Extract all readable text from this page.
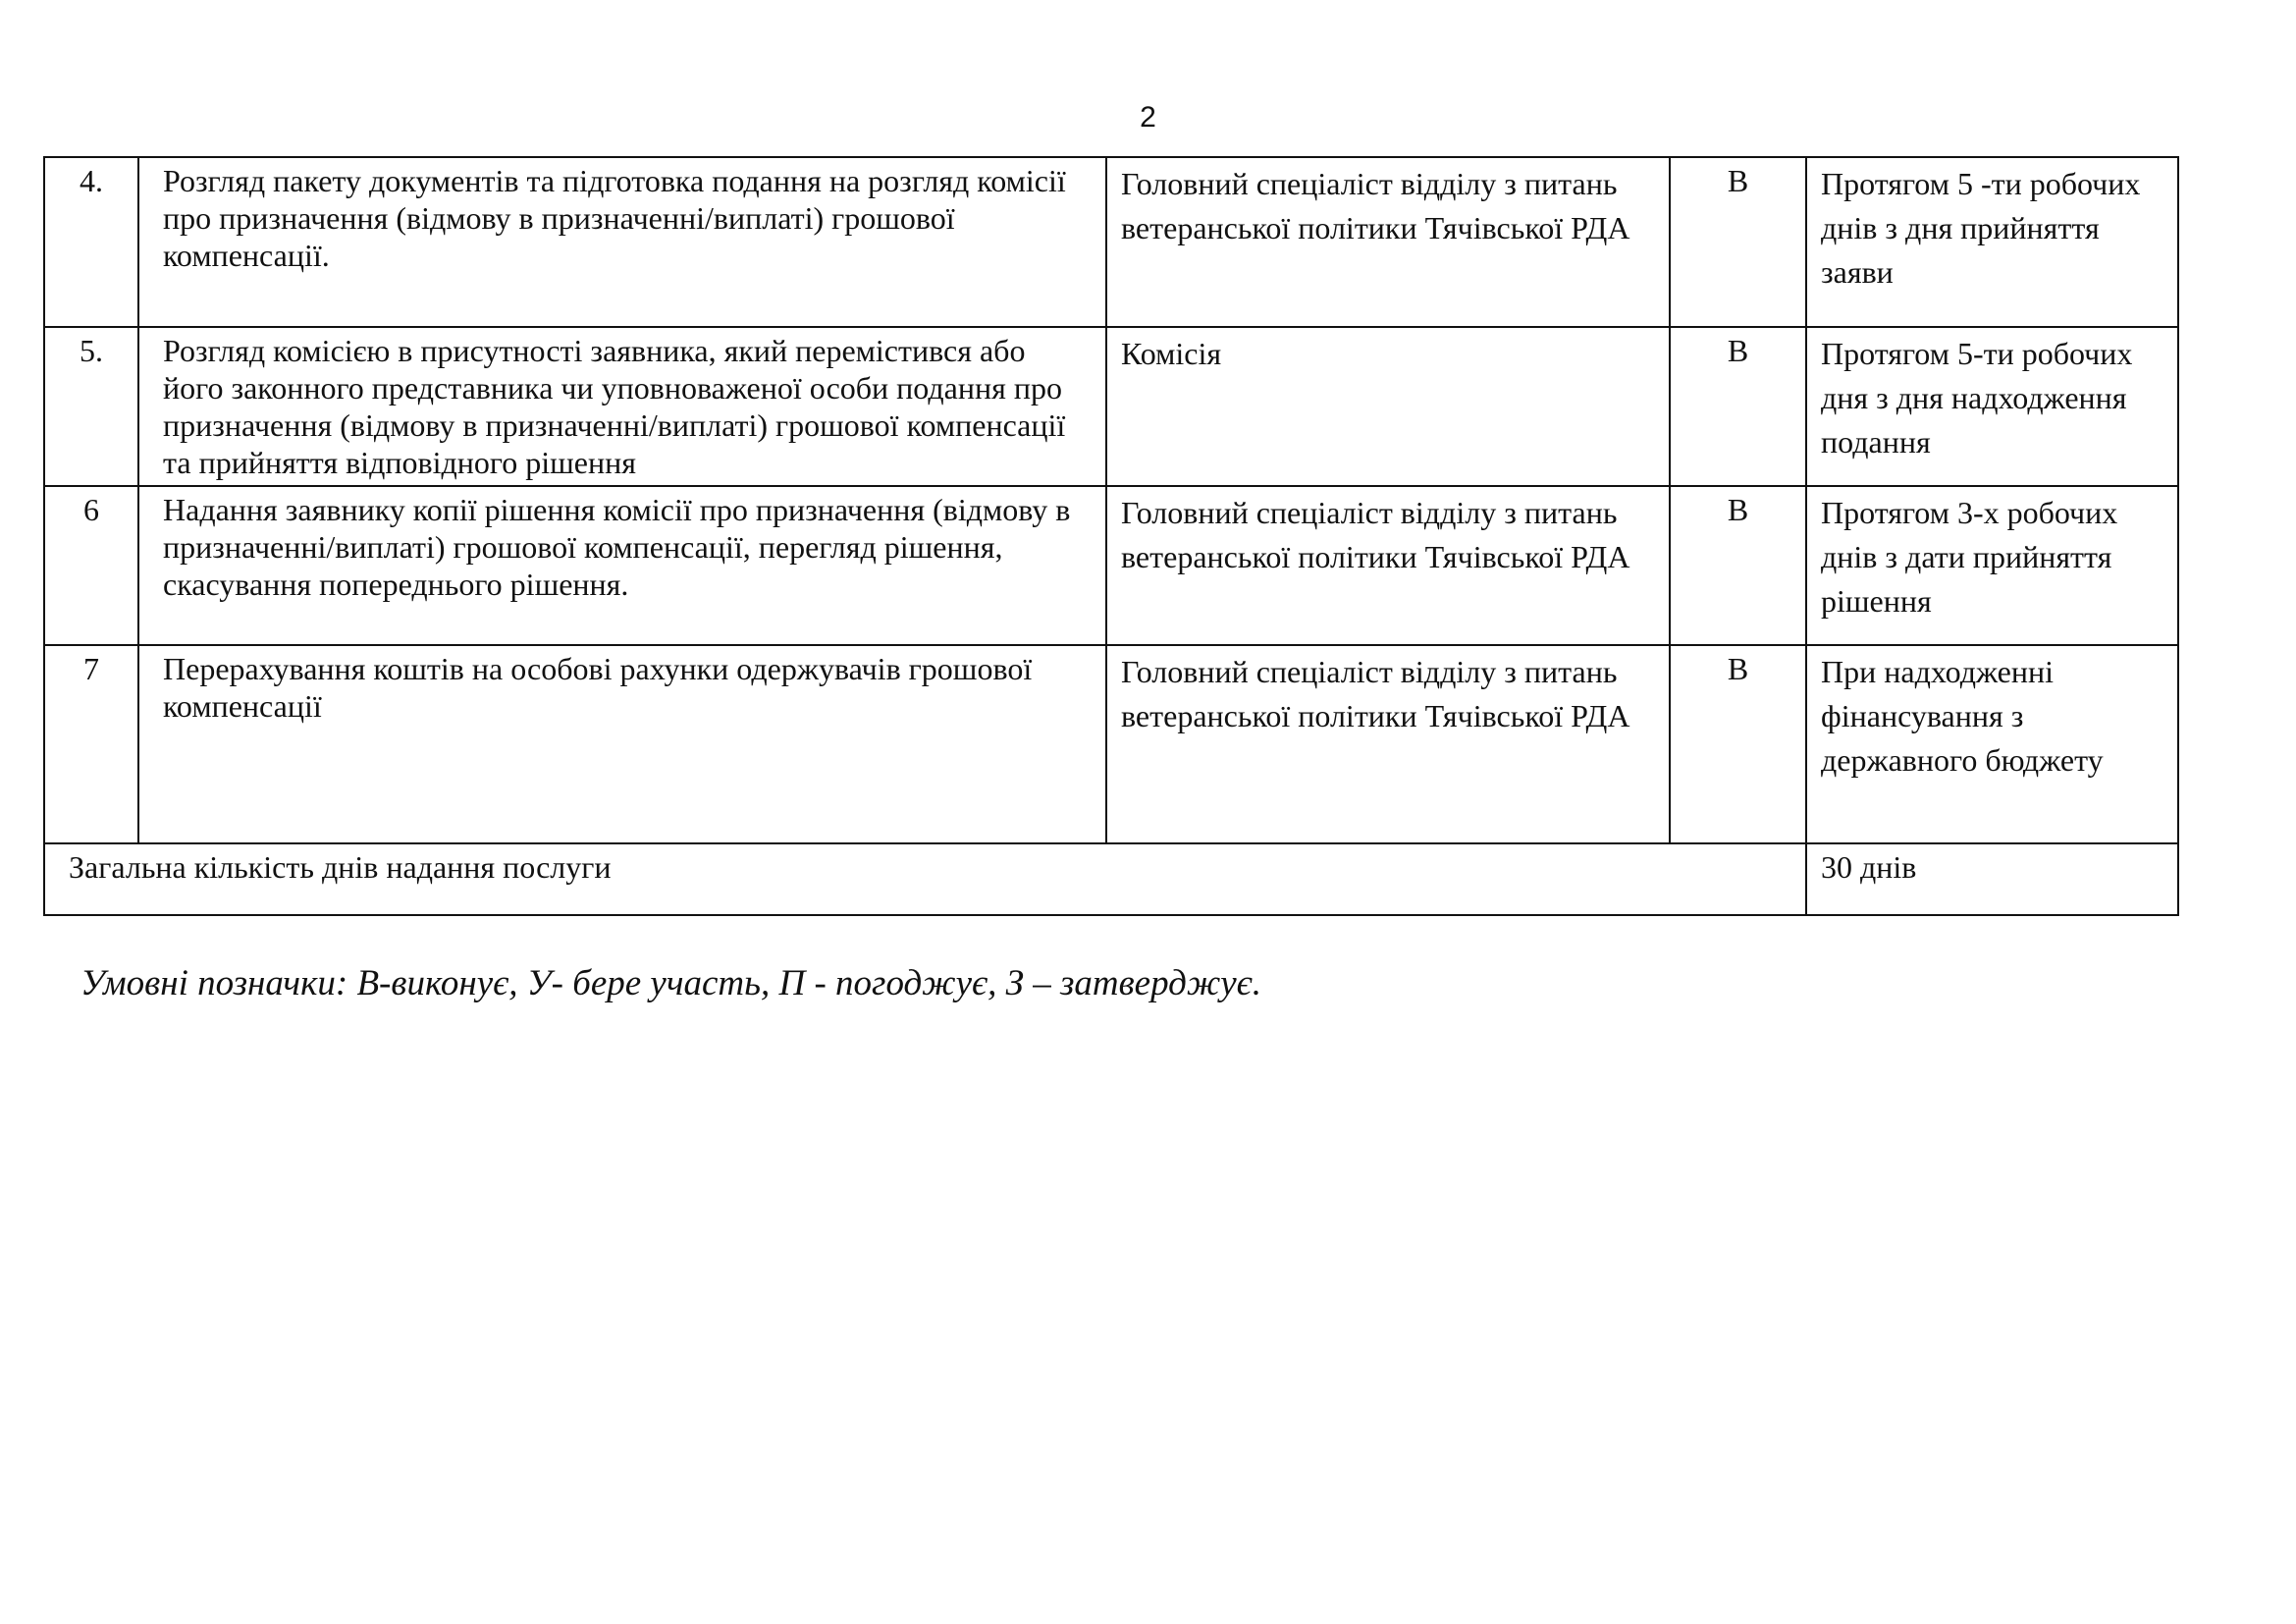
2
4.	Розгляд пакету документів та підготовка подання на розгляд комісії про призначення (відмову в призначенні/виплаті) грошової компенсації.	Головний спеціаліст відділу з питань ветеранської політики Тячівської РДА	В	Протягом 5 -ти робочих днів з дня прийняття заяви
5.	Розгляд комісією в присутності заявника, який перемістився або його законного представника чи уповноваженої особи подання про призначення (відмову в призначенні/виплаті) грошової компенсації та прийняття відповідного рішення	Комісія	В	Протягом 5-ти робочих дня з дня надходження подання
6	Надання заявнику копії рішення комісії про призначення (відмову в призначенні/виплаті) грошової компенсації, перегляд рішення, скасування попереднього рішення.	Головний спеціаліст відділу з питань ветеранської політики Тячівської РДА	В	Протягом 3-х робочих днів з дати прийняття рішення
7	Перерахування коштів на особові рахунки одержувачів грошової компенсації	Головний спеціаліст відділу з питань ветеранської політики Тячівської РДА	В	При надходженні фінансування з державного бюджету
Загальна кількість днів надання послуги				30 днів
Умовні позначки: В-виконує, У- бере участь, П - погоджує, З – затверджує.
